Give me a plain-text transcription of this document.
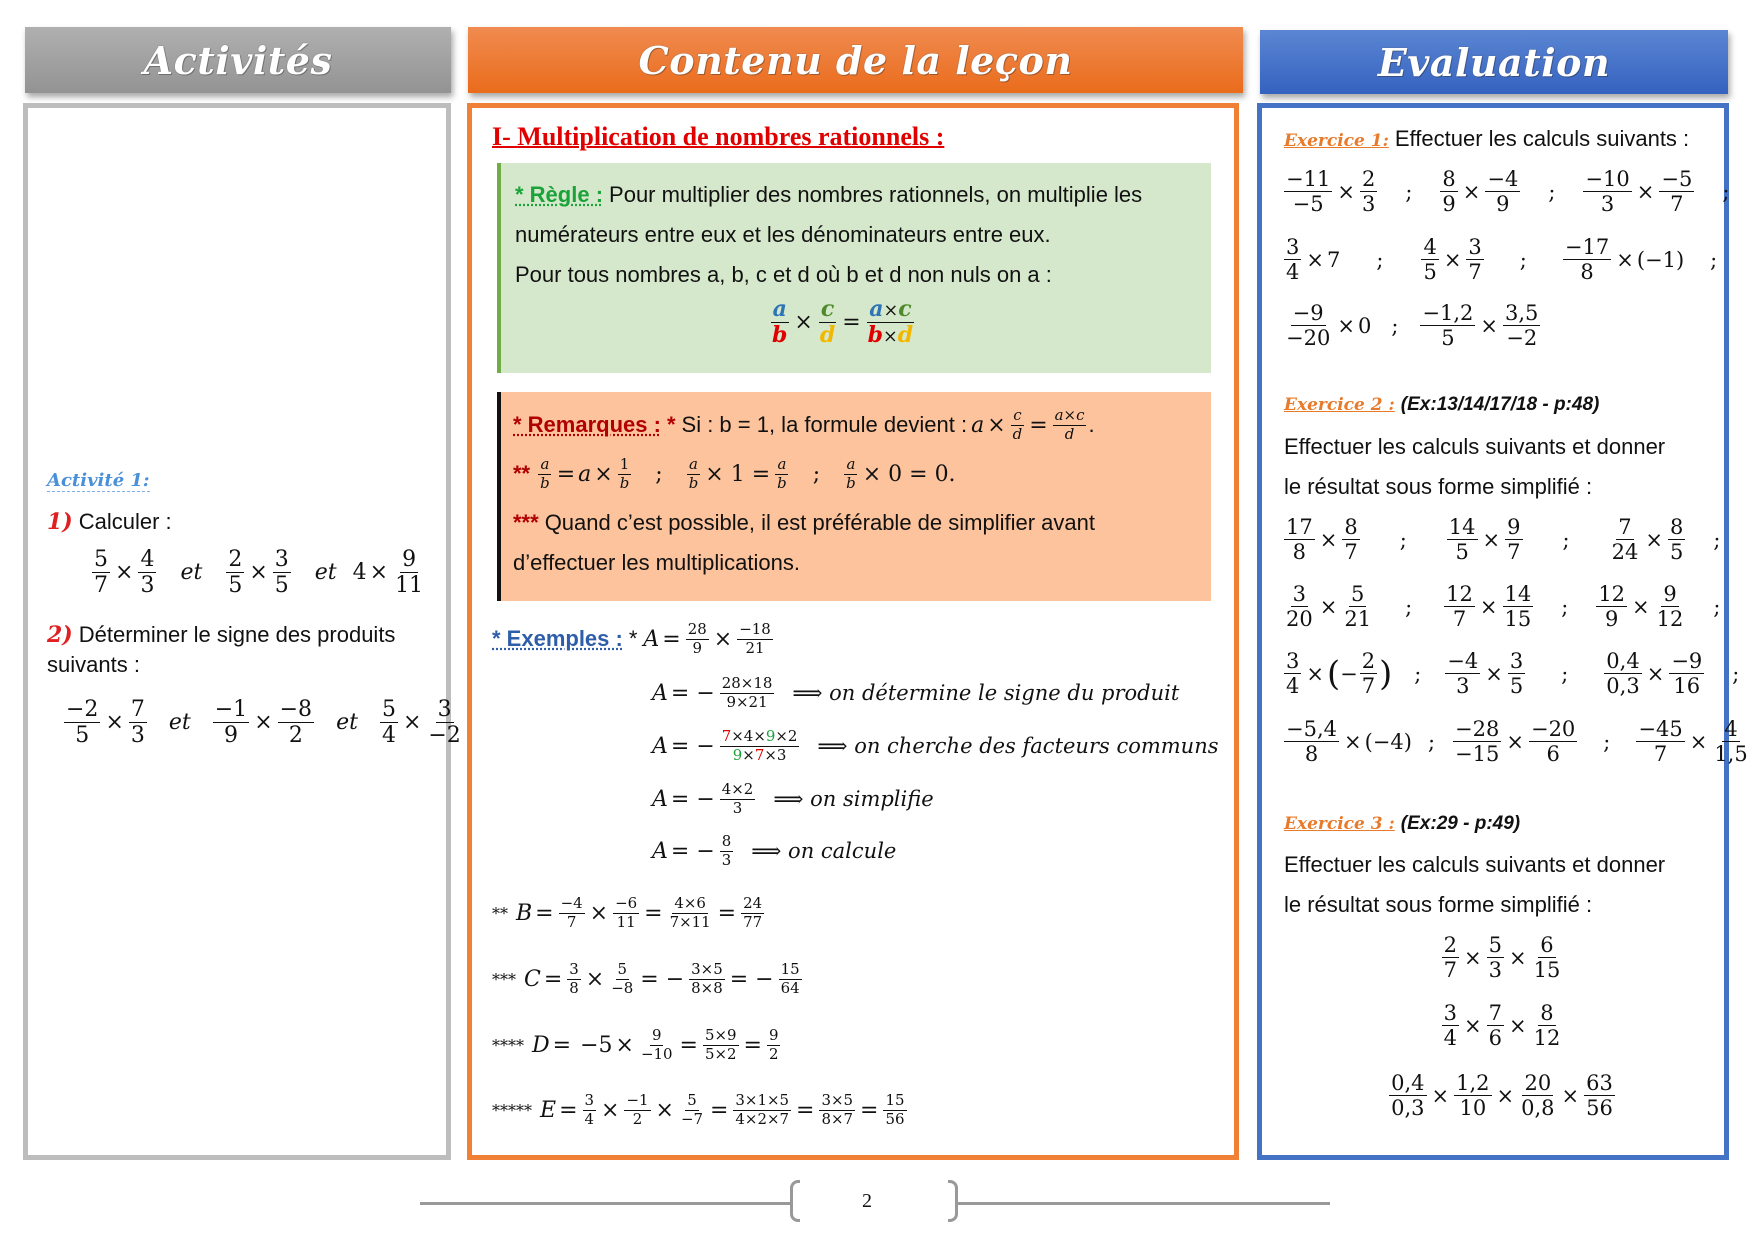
Activités	Contenu de la leçon	Evaluation
Activité 1:
1) Calculer :
$\frac{5}{7} \times \frac{4}{3}$ et $\frac{2}{5} \times \frac{3}{5}$ et $4 \times \frac{9}{11}$
2) Déterminer le signe des produits
suivants :
$\frac{-2}{5} \times \frac{7}{3}$ et $\frac{-1}{9} \times \frac{-8}{2}$ et $\frac{5}{4} \times \frac{3}{-2}$
I- Multiplication de nombres rationnels :
* Règle : Pour multiplier des nombres rationnels, on multiplie les
numérateurs entre eux et les dénominateurs entre eux.
Pour tous nombres a, b, c et d où b et d non nuls on a :
$\frac{a}{b} \times \frac{c}{d} = \frac{a\times c}{b\times d}$
* Remarques : * Si : b = 1, la formule devient : $a \times \frac{c}{d} = \frac{a\times c}{d}$ .
** $\frac{a}{b} = a \times \frac{1}{b}$ ; $\frac{a}{b} \times 1 = \frac{a}{b}$ ; $\frac{a}{b} \times 0 = 0$.
*** Quand c’est possible, il est préférable de simplifier avant
d’effectuer les multiplications.
* Exemples : * $A = \frac{28}{9} \times \frac{-18}{21}$
A = − $\frac{28\times 18}{9\times 21}$ ⟹ on détermine le signe du produit
A = − $\frac{7\times 4\times 9\times 2}{9\times 7\times 3}$ ⟹ on cherche des facteurs communs
A = − $\frac{4\times 2}{3}$ ⟹ on simplifie
A = − $\frac{8}{3}$ ⟹ on calcule
** $B = \frac{-4}{7} \times \frac{-6}{11} = \frac{4\times 6}{7\times 11} = \frac{24}{77}$
*** $C = \frac{3}{8} \times \frac{5}{-8}$ = − $\frac{3\times 5}{8\times 8}$ = − $\frac{15}{64}$
**** $D = -5 \times \frac{9}{-10} = \frac{5\times 9}{5\times 2} = \frac{9}{2}$
***** $E = \frac{3}{4} \times \frac{-1}{2} \times \frac{5}{-7} = \frac{3\times 1\times 5}{4\times 2\times 7} = \frac{3\times 5}{8\times 7} = \frac{15}{56}$
Exercice 1: Effectuer les calculs suivants :
$\frac{-11}{-5} \times \frac{2}{3}$ ; $\frac{8}{9} \times \frac{-4}{9}$ ; $\frac{-10}{3} \times \frac{-5}{7}$ ;
$\frac{3}{4} \times 7$ ; $\frac{4}{5} \times \frac{3}{7}$ ; $\frac{-17}{8} \times (-1)$ ;
$\frac{-9}{-20} \times 0$ ; $\frac{-1,2}{5} \times \frac{3,5}{-2}$
Exercice 2 : (Ex:13/14/17/18 - p:48)
Effectuer les calculs suivants et donner
le résultat sous forme simplifié :
$\frac{17}{8} \times \frac{8}{7}$ ; $\frac{14}{5} \times \frac{9}{7}$ ; $\frac{7}{24} \times \frac{8}{5}$ ;
$\frac{3}{20} \times \frac{5}{21}$ ; $\frac{12}{7} \times \frac{14}{15}$ ; $\frac{12}{9} \times \frac{9}{12}$ ;
$\frac{3}{4}$ × ( − $\frac{2}{7}$ ) ; $\frac{-4}{3} \times \frac{3}{5}$ ; $\frac{0,4}{0,3} \times \frac{-9}{16}$ ;
$\frac{-5,4}{8} \times (-4)$ ; $\frac{-28}{-15} \times \frac{-20}{6}$ ; $\frac{-45}{7} \times \frac{4}{1,5}$
Exercice 3 : (Ex:29 - p:49)
Effectuer les calculs suivants et donner
le résultat sous forme simplifié :
$\frac{2}{7} \times \frac{5}{3} \times \frac{6}{15}$
$\frac{3}{4} \times \frac{7}{6} \times \frac{8}{12}$
$\frac{0,4}{0,3} \times \frac{1,2}{10} \times \frac{20}{0,8} \times \frac{63}{56}$
2
